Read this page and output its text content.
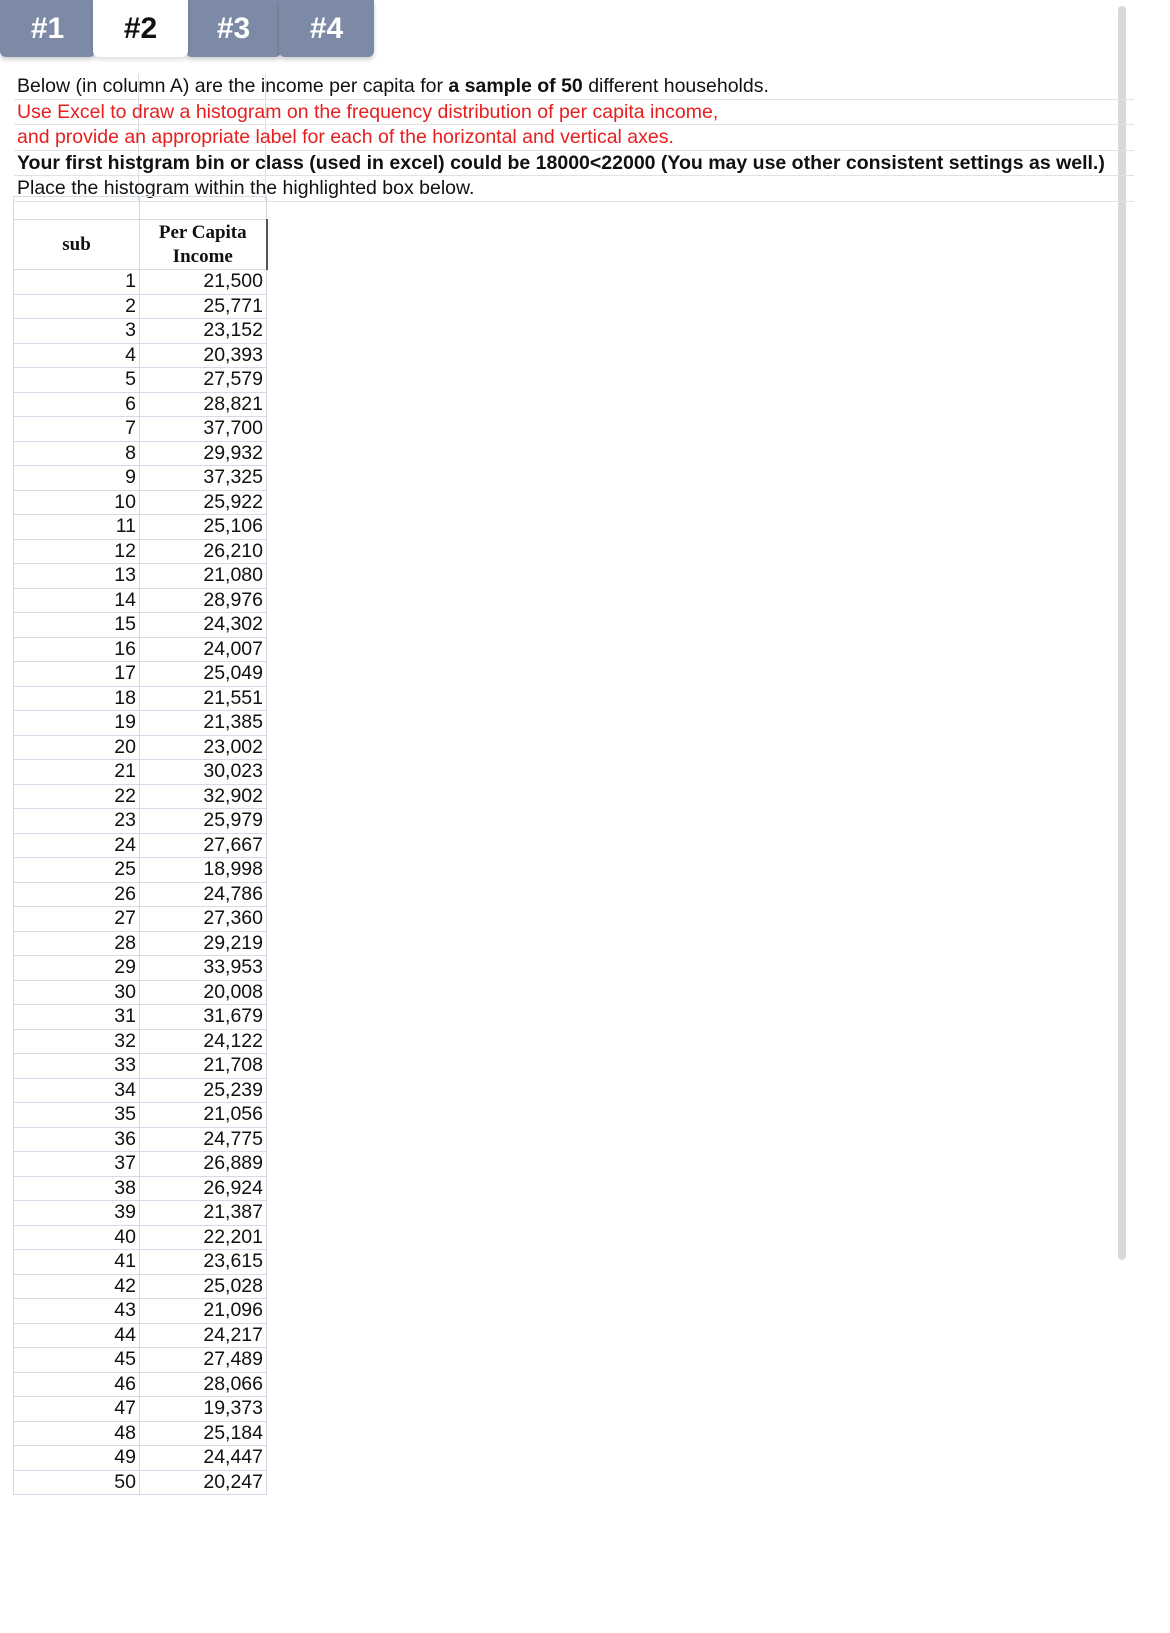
#1	#2	#3	#4
Below (in column A) are the income per capita for a sample of 50 different households.
Use Excel to draw a histogram on the frequency distribution of per capita income,
and provide an appropriate label for each of the horizontal and vertical axes.
Your first histgram bin or class (used in excel) could be 18000<22000 (You may use other consistent settings as well.)
Place the histogram within the highlighted box below.

sub	Per Capita
Income

1	21,500
2	25,771
3	23,152
4	20,393
5	27,579
6	28,821
7	37,700
8	29,932
9	37,325
10	25,922
11	25,106
12	26,210
13	21,080
14	28,976
15	24,302
16	24,007
17	25,049
18	21,551
19	21,385
20	23,002
21	30,023
22	32,902
23	25,979
24	27,667
25	18,998
26	24,786
27	27,360
28	29,219
29	33,953
30	20,008
31	31,679
32	24,122
33	21,708
34	25,239
35	21,056
36	24,775
37	26,889
38	26,924
39	21,387
40	22,201
41	23,615
42	25,028
43	21,096
44	24,217
45	27,489
46	28,066
47	19,373
48	25,184
49	24,447
50	20,247
